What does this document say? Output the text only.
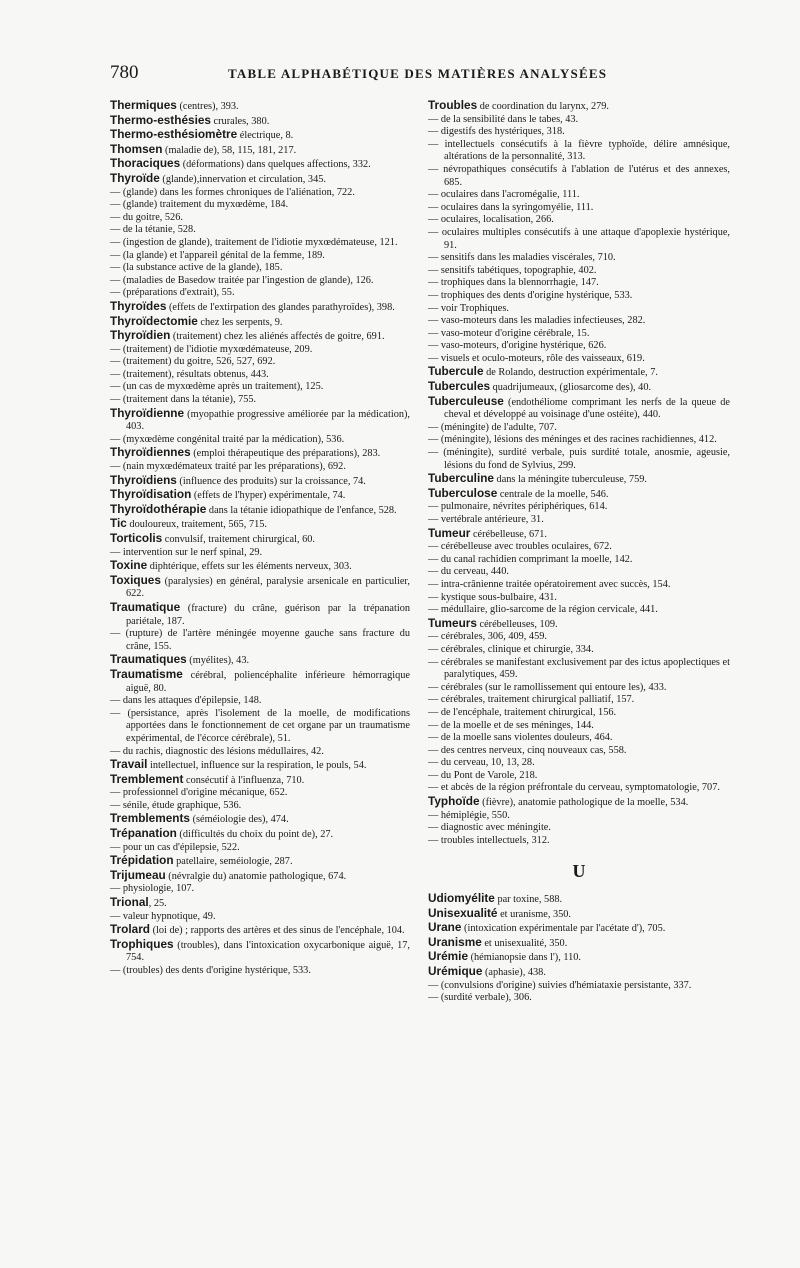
780	TABLE ALPHABÉTIQUE DES MATIÈRES ANALYSÉES

Thermiques (centres), 393.

Thermo-esthésies crurales, 380.

Thermo-esthésiomètre électrique, 8.

Thomsen (maladie de), 58, 115, 181, 217.

Thoraciques (déformations) dans quelques affections, 332.

Thyroïde (glande),innervation et circulation, 345.

— (glande) dans les formes chroniques de l'aliénation, 722.

— (glande) traitement du myxœdème, 184.

— du goitre, 526.

— de la tétanie, 528.

— (ingestion de glande), traitement de l'idiotie myxœdémateuse, 121.

— (la glande) et l'appareil génital de la femme, 189.

— (la substance active de la glande), 185.

— (maladies de Basedow traitée par l'ingestion de glande), 126.

— (préparations d'extrait), 55.

Thyroïdes (effets de l'extirpation des glandes parathyroïdes), 398.

Thyroïdectomie chez les serpents, 9.

Thyroïdien (traitement) chez les aliénés affectés de goitre, 691.

— (traitement) de l'idiotie myxœdémateuse, 209.

— (traitement) du goitre, 526, 527, 692.

— (traitement), résultats obtenus, 443.

— (un cas de myxœdème après un traitement), 125.

— (traitement dans la tétanie), 755.

Thyroïdienne (myopathie progressive améliorée par la médication), 403.

— (myxœdème congénital traité par la médication), 536.

Thyroïdiennes (emploi thérapeutique des préparations), 283.

— (nain myxœdémateux traité par les préparations), 692.

Thyroïdiens (influence des produits) sur la croissance, 74.

Thyroïdisation (effets de l'hyper) expérimentale, 74.

Thyroïdothérapie dans la tétanie idiopathique de l'enfance, 528.

Tic douloureux, traitement, 565, 715.

Torticolis convulsif, traitement chirurgical, 60.

— intervention sur le nerf spinal, 29.

Toxine diphtérique, effets sur les éléments nerveux, 303.

Toxiques (paralysies) en général, paralysie arsenicale en particulier, 622.

Traumatique (fracture) du crâne, guérison par la trépanation pariétale, 187.

— (rupture) de l'artère méningée moyenne gauche sans fracture du crâne, 155.

Traumatiques (myélites), 43.

Traumatisme cérébral, poliencéphalite inférieure hémorragique aiguë, 80.

— dans les attaques d'épilepsie, 148.

— (persistance, après l'isolement de la moelle, de modifications apportées dans le fonctionnement de cet organe par un traumatisme expérimental, de l'écorce cérébrale), 51.

— du rachis, diagnostic des lésions médullaires, 42.

Travail intellectuel, influence sur la respiration, le pouls, 54.

Tremblement consécutif à l'influenza, 710.

— professionnel d'origine mécanique, 652.

— sénile, étude graphique, 536.

Tremblements (séméiologie des), 474.

Trépanation (difficultés du choix du point de), 27.

— pour un cas d'épilepsie, 522.

Trépidation patellaire, seméiologie, 287.

Trijumeau (névralgie du) anatomie pathologique, 674.

— physiologie, 107.

Trional, 25.

— valeur hypnotique, 49.

Trolard (loi de) ; rapports des artères et des sinus de l'encéphale, 104.

Trophiques (troubles), dans l'intoxication oxycarbonique aiguë, 17, 754.

— (troubles) des dents d'origine hystérique, 533.

Troubles de coordination du larynx, 279.

— de la sensibilité dans le tabes, 43.

— digestifs des hystériques, 318.

— intellectuels consécutifs à la fièvre typhoïde, délire amnésique, altérations de la personnalité, 313.

— névropathiques consécutifs à l'ablation de l'utérus et des annexes, 685.

— oculaires dans l'acromégalie, 111.

— oculaires dans la syringomyélie, 111.

— oculaires, localisation, 266.

— oculaires multiples consécutifs à une attaque d'apoplexie hystérique, 91.

— sensitifs dans les maladies viscérales, 710.

— sensitifs tabétiques, topographie, 402.

— trophiques dans la blennorrhagie, 147.

— trophiques des dents d'origine hystérique, 533.

— voir Trophiques.

— vaso-moteurs dans les maladies infectieuses, 282.

— vaso-moteur d'origine cérébrale, 15.

— vaso-moteurs, d'origine hystérique, 626.

— visuels et oculo-moteurs, rôle des vaisseaux, 619.

Tubercule de Rolando, destruction expérimentale, 7.

Tubercules quadrijumeaux, (gliosarcome des), 40.

Tuberculeuse (endothéliome comprimant les nerfs de la queue de cheval et développé au voisinage d'une ostéite), 440.

— (méningite) de l'adulte, 707.

— (méningite), lésions des méninges et des racines rachidiennes, 412.

— (méningite), surdité verbale, puis surdité totale, anosmie, ageusie, lésions du fond de Sylvius, 299.

Tuberculine dans la méningite tuberculeuse, 759.

Tuberculose centrale de la moelle, 546.

— pulmonaire, névrites périphériques, 614.

— vertébrale antérieure, 31.

Tumeur cérébelleuse, 671.

— cérébelleuse avec troubles oculaires, 672.

— du canal rachidien comprimant la moelle, 142.

— du cerveau, 440.

— intra-crânienne traitée opératoirement avec succès, 154.

— kystique sous-bulbaire, 431.

— médullaire, glio-sarcome de la région cervicale, 441.

Tumeurs cérébelleuses, 109.

— cérébrales, 306, 409, 459.

— cérébrales, clinique et chirurgie, 334.

— cérébrales se manifestant exclusivement par des ictus apoplectiques et paralytiques, 459.

— cérébrales (sur le ramollissement qui entoure les), 433.

— cérébrales, traitement chirurgical palliatif, 157.

— de l'encéphale, traitement chirurgical, 156.

— de la moelle et de ses méninges, 144.

— de la moelle sans violentes douleurs, 464.

— des centres nerveux, cinq nouveaux cas, 558.

— du cerveau, 10, 13, 28.

— du Pont de Varole, 218.

— et abcès de la région préfrontale du cerveau, symptomatologie, 707.

Typhoïde (fièvre), anatomie pathologique de la moelle, 534.

— hémiplégie, 550.

— diagnostic avec méningite.

— troubles intellectuels, 312.

U

Udiomyélite par toxine, 588.

Unisexualité et uranisme, 350.

Urane (intoxication expérimentale par l'acétate d'), 705.

Uranisme et unisexualité, 350.

Urémie (hémianopsie dans l'), 110.

Urémique (aphasie), 438.

— (convulsions d'origine) suivies d'hémiataxie persistante, 337.

— (surdité verbale), 306.
